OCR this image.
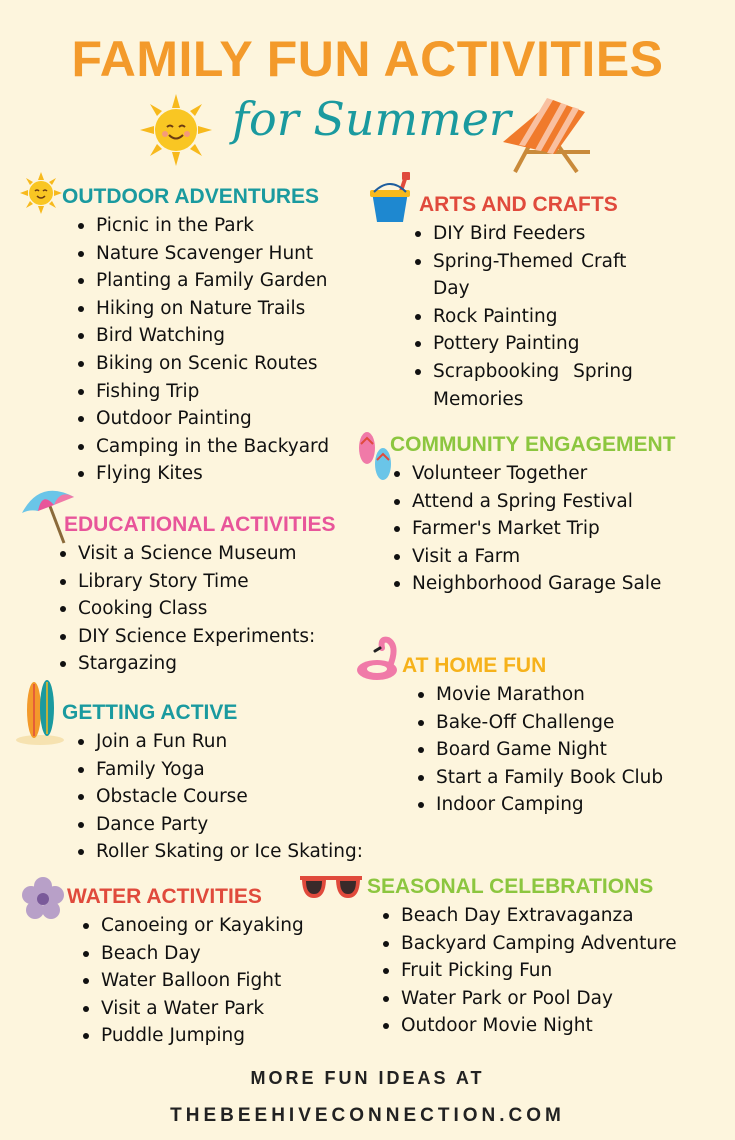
FAMILY FUN ACTIVITIES
for Summer
OUTDOOR ADVENTURES
Picnic in the Park
Nature Scavenger Hunt
Planting a Family Garden
Hiking on Nature Trails
Bird Watching
Biking on Scenic Routes
Fishing Trip
Outdoor Painting
Camping in the Backyard
Flying Kites
ARTS AND CRAFTS
DIY Bird Feeders
Spring-Themed Craft Day
Rock Painting
Pottery Painting
Scrapbooking Spring Memories
COMMUNITY ENGAGEMENT
Volunteer Together
Attend a Spring Festival
Farmer's Market Trip
Visit a Farm
Neighborhood Garage Sale
EDUCATIONAL ACTIVITIES
Visit a Science Museum
Library Story Time
Cooking Class
DIY Science Experiments:
Stargazing	AT HOME FUN
Movie Marathon
Bake-Off Challenge
Board Game Night
Start a Family Book Club
Indoor Camping
GETTING ACTIVE
Join a Fun Run
Family Yoga
Obstacle Course
Dance Party
Roller Skating or Ice Skating:
WATER ACTIVITIES
Canoeing or Kayaking
Beach Day
Water Balloon Fight
Visit a Water Park
Puddle Jumping
SEASONAL CELEBRATIONS
Beach Day Extravaganza
Backyard Camping Adventure
Fruit Picking Fun
Water Park or Pool Day
Outdoor Movie Night
MORE FUN IDEAS AT
THEBEEHIVECONNECTION.COM
